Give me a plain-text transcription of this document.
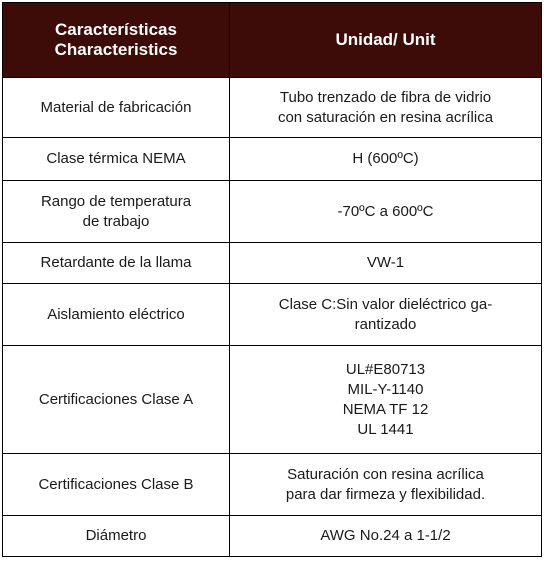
Características
Characteristics	Unidad/ Unit
Material de fabricación	Tubo trenzado de fibra de vidrio
con saturación en resina acrílica

Clase térmica NEMA	H (600ºC)

Rango de temperatura
de trabajo	-70ºC a 600ºC

Retardante de la llama	VW-1

Aislamiento eléctrico	Clase C:Sin valor dieléctrico ga-
rantizado

Certificaciones Clase A	UL#E80713
MIL-Y-1140
NEMA TF 12
UL 1441

Certificaciones Clase B	Saturación con resina acrílica
para dar firmeza y flexibilidad.

Diámetro	AWG No.24 a 1-1/2
